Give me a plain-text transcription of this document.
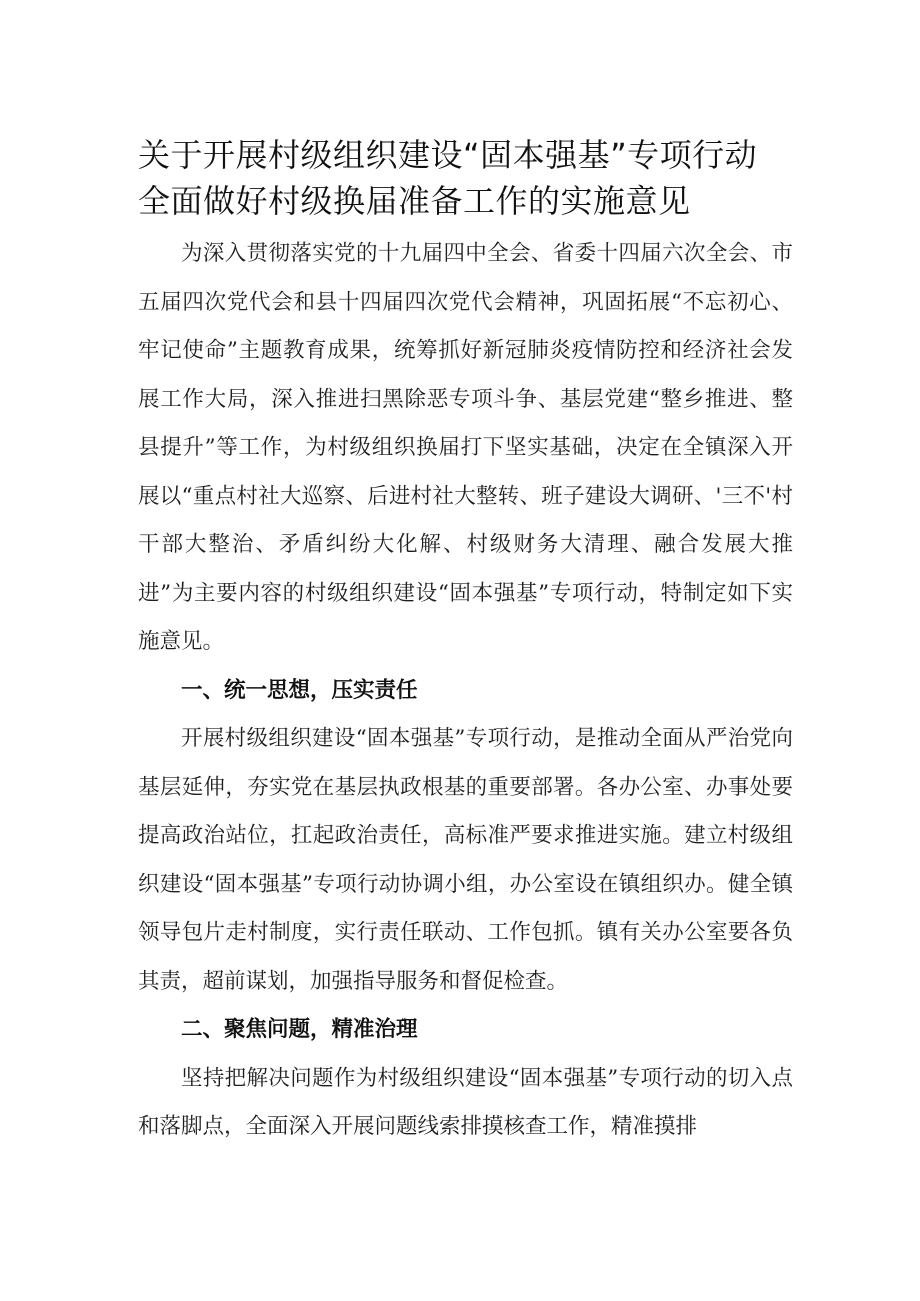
关于开展村级组织建设“固本强基”专项行动
全面做好村级换届准备工作的实施意见

为深入贯彻落实党的十九届四中全会、省委十四届六次全会、市五届四次党代会和县十四届四次党代会精神，巩固拓展“不忘初心、牢记使命”主题教育成果，统筹抓好新冠肺炎疫情防控和经济社会发展工作大局，深入推进扫黑除恶专项斗争、基层党建“整乡推进、整县提升”等工作，为村级组织换届打下坚实基础，决定在全镇深入开展以“重点村社大巡察、后进村社大整转、班子建设大调研、'三不'村干部大整治、矛盾纠纷大化解、村级财务大清理、融合发展大推进”为主要内容的村级组织建设“固本强基”专项行动，特制定如下实施意见。

一、统一思想，压实责任

开展村级组织建设“固本强基”专项行动，是推动全面从严治党向基层延伸，夯实党在基层执政根基的重要部署。各办公室、办事处要提高政治站位，扛起政治责任，高标准严要求推进实施。建立村级组织建设“固本强基”专项行动协调小组，办公室设在镇组织办。健全镇领导包片走村制度，实行责任联动、工作包抓。镇有关办公室要各负其责，超前谋划，加强指导服务和督促检查。

二、聚焦问题，精准治理

坚持把解决问题作为村级组织建设“固本强基”专项行动的切入点和落脚点，全面深入开展问题线索排摸核查工作，精准摸排
